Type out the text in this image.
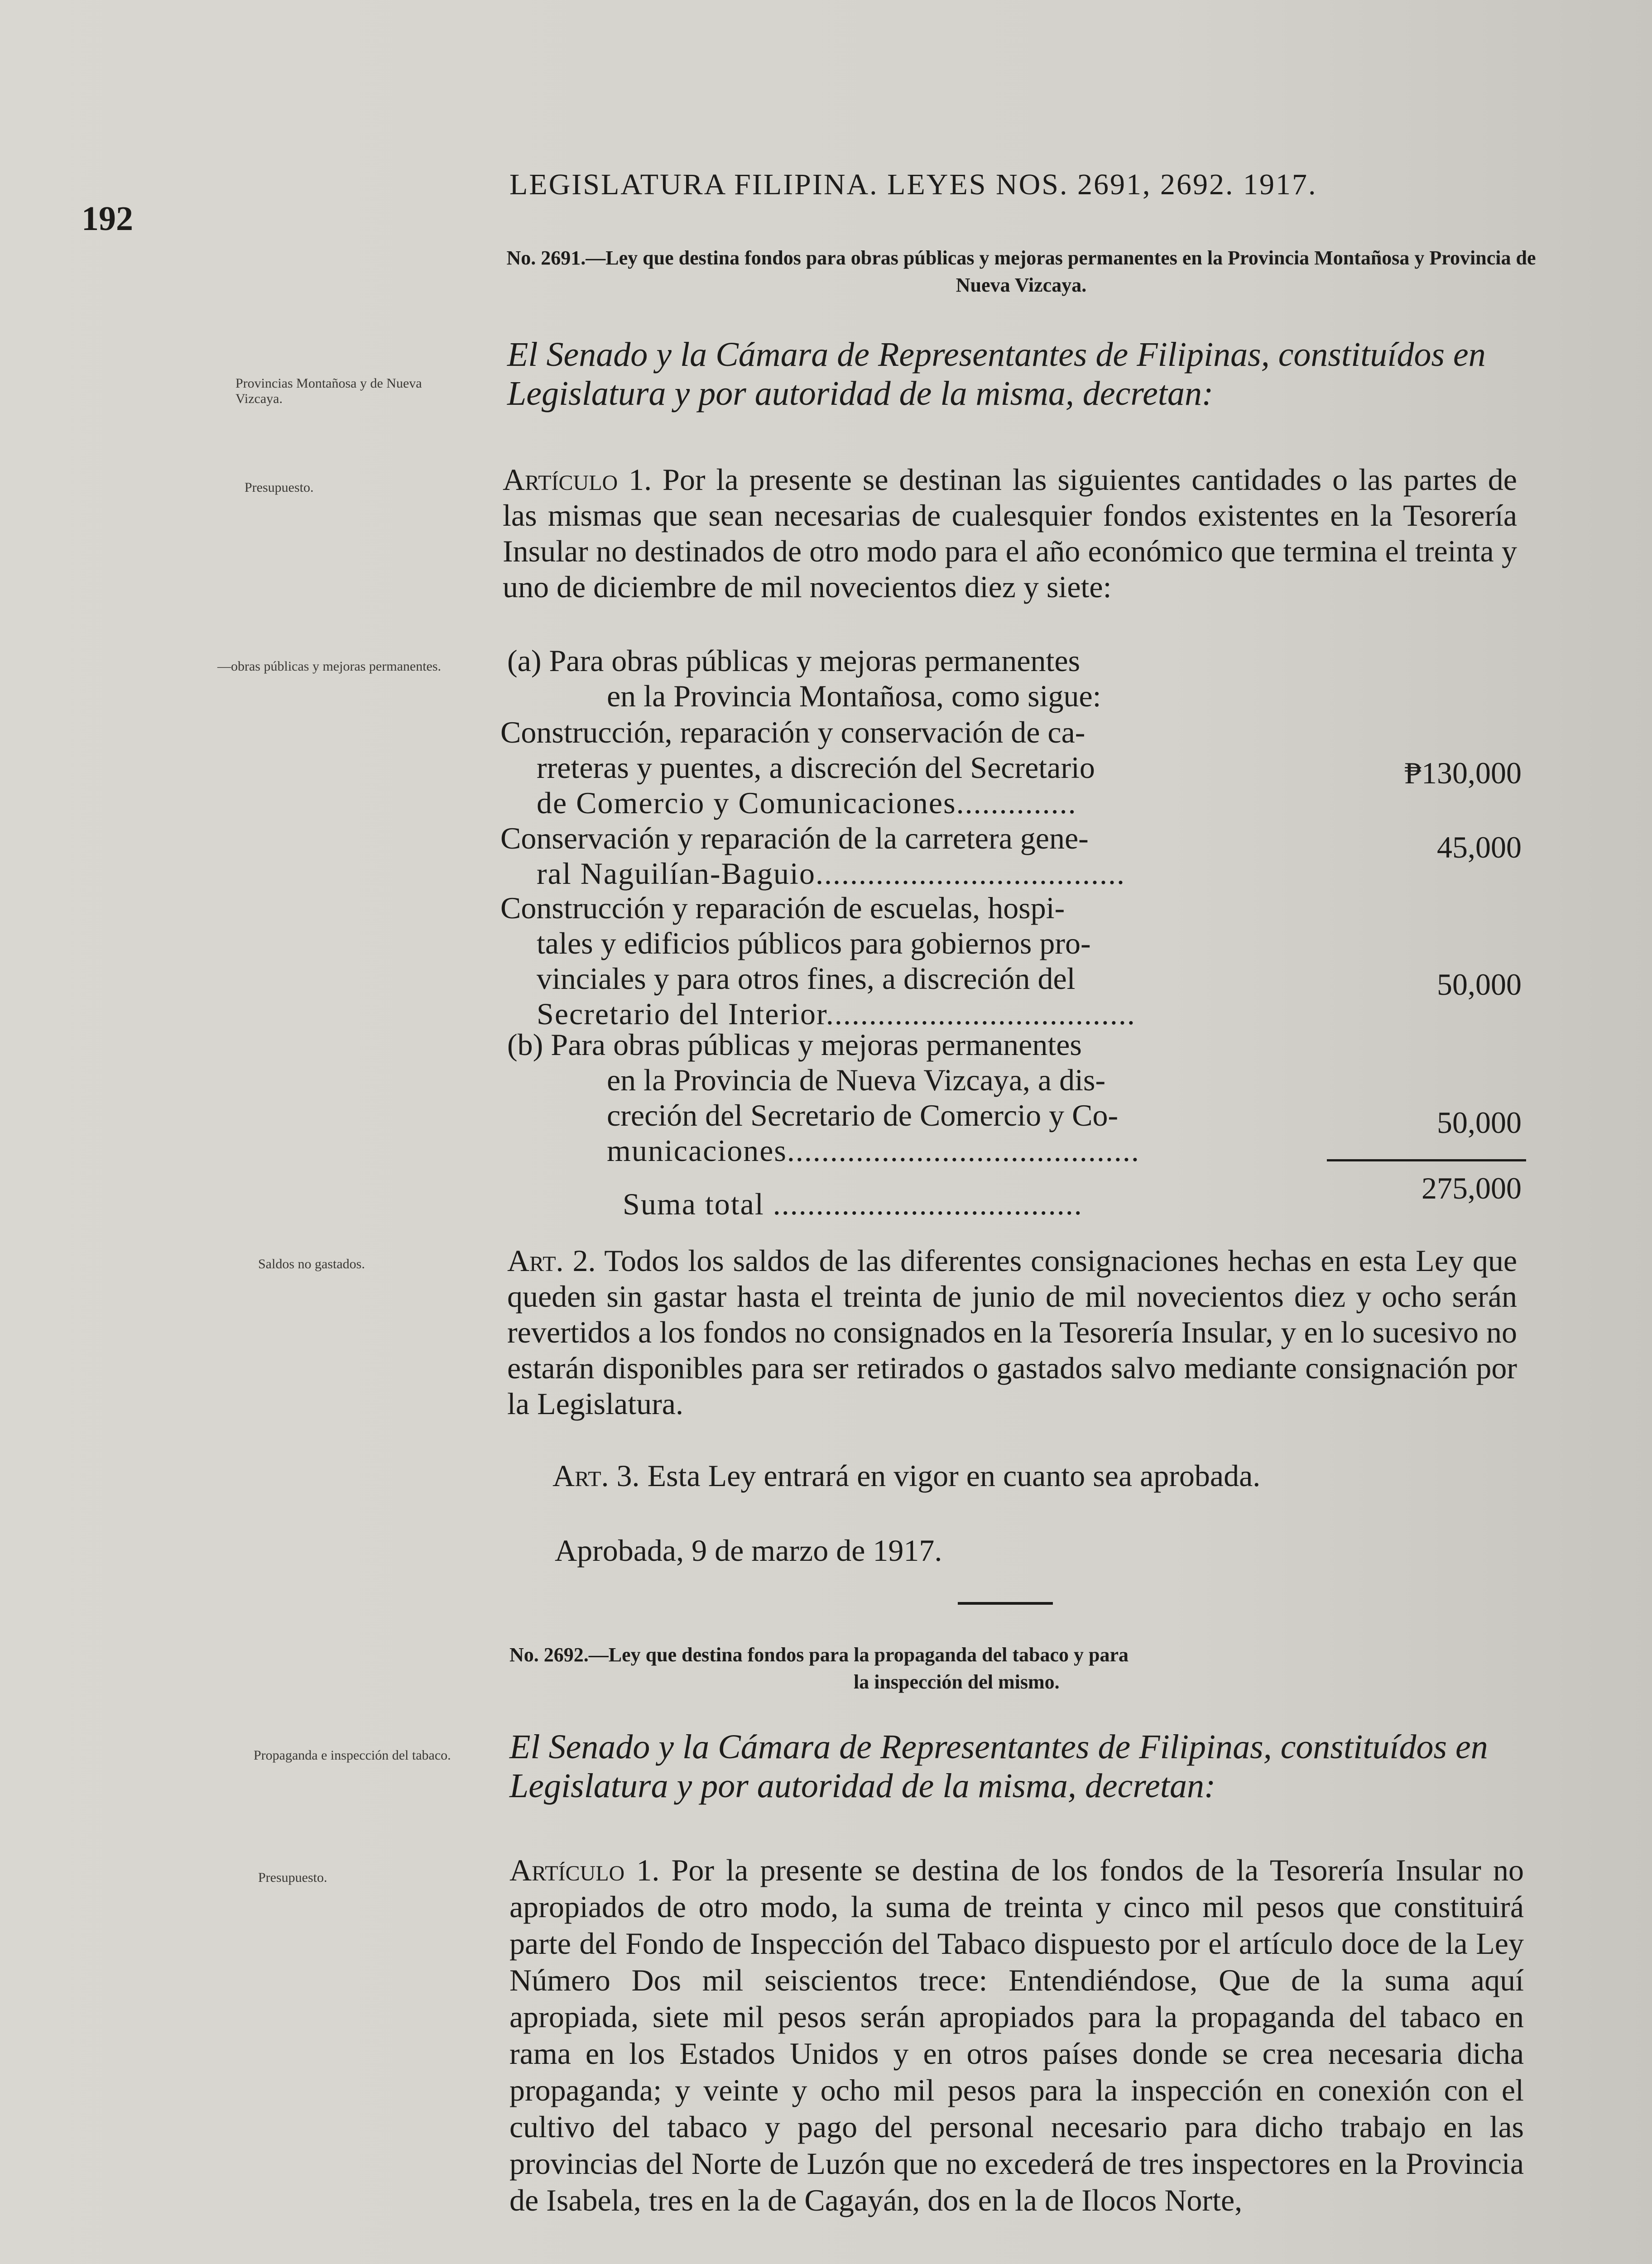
192
LEGISLATURA FILIPINA. LEYES NOS. 2691, 2692. 1917.
No. 2691.—Ley que destina fondos para obras públicas y mejoras permanentes en la Provincia Montañosa y Provincia de Nueva Vizcaya.
Provincias Montañosa y de Nueva Vizcaya.
El Senado y la Cámara de Representantes de Filipinas, constituídos en Legislatura y por autoridad de la misma, decretan:
Presupuesto.	Artículo 1. Por la presente se destinan las siguientes cantidades o las partes de las mismas que sean necesarias de cualesquier fondos existentes en la Tesorería Insular no destinados de otro modo para el año económico que termina el treinta y uno de diciembre de mil novecientos diez y siete:
—obras públicas y mejoras permanentes.	(a) Para obras públicas y mejoras permanentes
en la Provincia Montañosa, como sigue:
Construcción, reparación y conservación de ca-
rreteras y puentes, a discreción del Secretario
de Comercio y Comunicaciones..............
₱130,000
Conservación y reparación de la carretera gene-
ral Naguilían-Baguio....................................
45,000
Construcción y reparación de escuelas, hospi-
tales y edificios públicos para gobiernos pro-
vinciales y para otros fines, a discreción del
Secretario del Interior....................................
50,000
(b) Para obras públicas y mejoras permanentes
en la Provincia de Nueva Vizcaya, a dis-
creción del Secretario de Comercio y Co-
municaciones.........................................
50,000
Suma total ....................................	275,000
Saldos no gastados.	Art. 2. Todos los saldos de las diferentes consignaciones hechas en esta Ley que queden sin gastar hasta el treinta de junio de mil novecientos diez y ocho serán revertidos a los fondos no consignados en la Tesorería Insular, y en lo sucesivo no estarán disponibles para ser retirados o gastados salvo mediante consignación por la Legislatura.
Art. 3. Esta Ley entrará en vigor en cuanto sea aprobada.
Aprobada, 9 de marzo de 1917.
No. 2692.—Ley que destina fondos para la propaganda del tabaco y para
la inspección del mismo.
Propaganda e inspección del tabaco.	El Senado y la Cámara de Representantes de Filipinas, constituídos en Legislatura y por autoridad de la misma, decretan:
Presupuesto.	Artículo 1. Por la presente se destina de los fondos de la Tesorería Insular no apropiados de otro modo, la suma de treinta y cinco mil pesos que constituirá parte del Fondo de Inspección del Tabaco dispuesto por el artículo doce de la Ley Número Dos mil seiscientos trece: Entendiéndose, Que de la suma aquí apropiada, siete mil pesos serán apropiados para la propaganda del tabaco en rama en los Estados Unidos y en otros países donde se crea necesaria dicha propaganda; y veinte y ocho mil pesos para la inspección en conexión con el cultivo del tabaco y pago del personal necesario para dicho trabajo en las provincias del Norte de Luzón que no excederá de tres inspectores en la Provincia de Isabela, tres en la de Cagayán, dos en la de Ilocos Norte,
